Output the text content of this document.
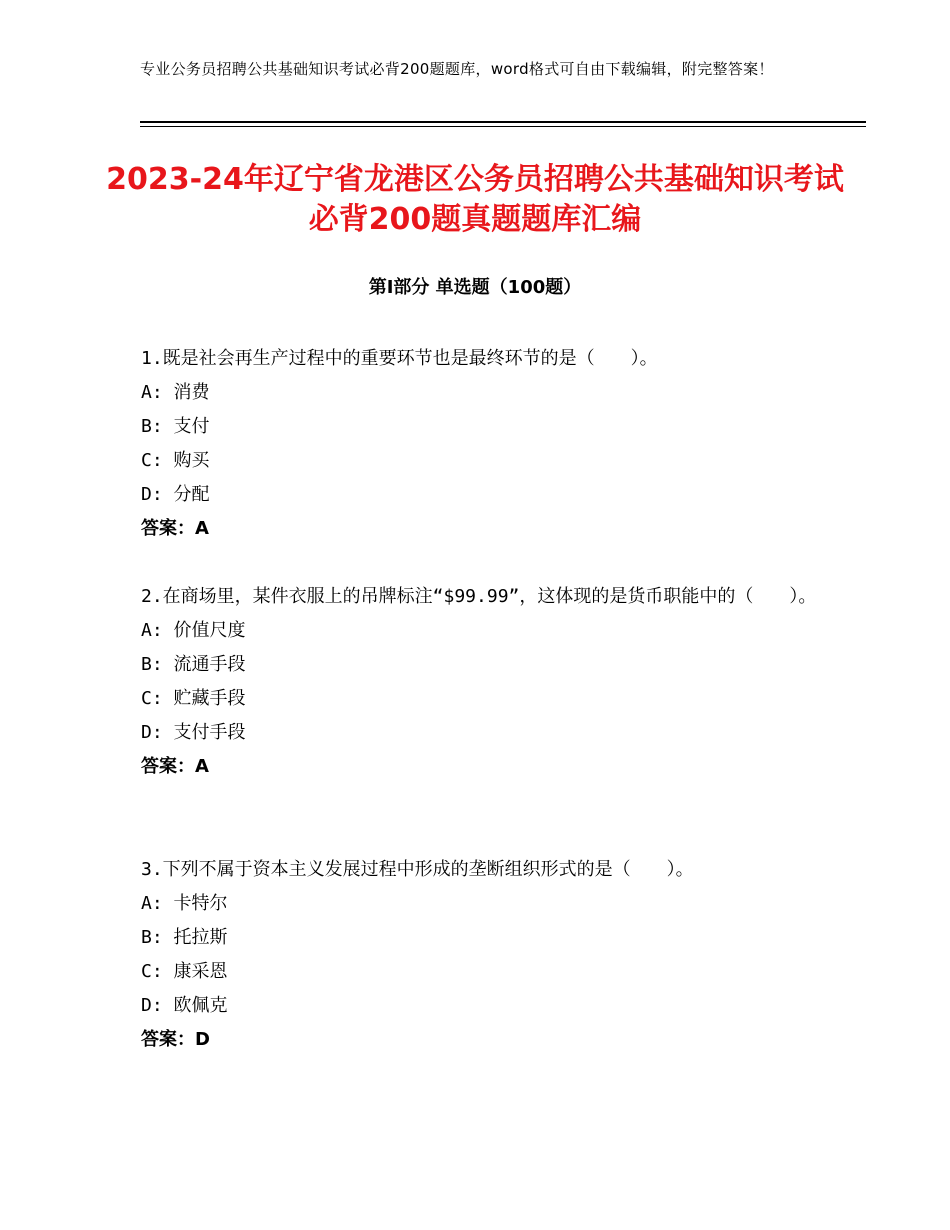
专业公务员招聘公共基础知识考试必背200题题库，word格式可自由下载编辑，附完整答案！
2023-24年辽宁省龙港区公务员招聘公共基础知识考试必背200题真题题库汇编
第I部分 单选题（100题）

1.既是社会再生产过程中的重要环节也是最终环节的是（　　）。

A: 消费

B: 支付

C: 购买

D: 分配

答案：A

2.在商场里，某件衣服上的吊牌标注“$99.99”，这体现的是货币职能中的（　　）。

A: 价值尺度

B: 流通手段

C: 贮藏手段

D: 支付手段

答案：A

3.下列不属于资本主义发展过程中形成的垄断组织形式的是（　　）。

A: 卡特尔

B: 托拉斯

C: 康采恩

D: 欧佩克

答案：D
